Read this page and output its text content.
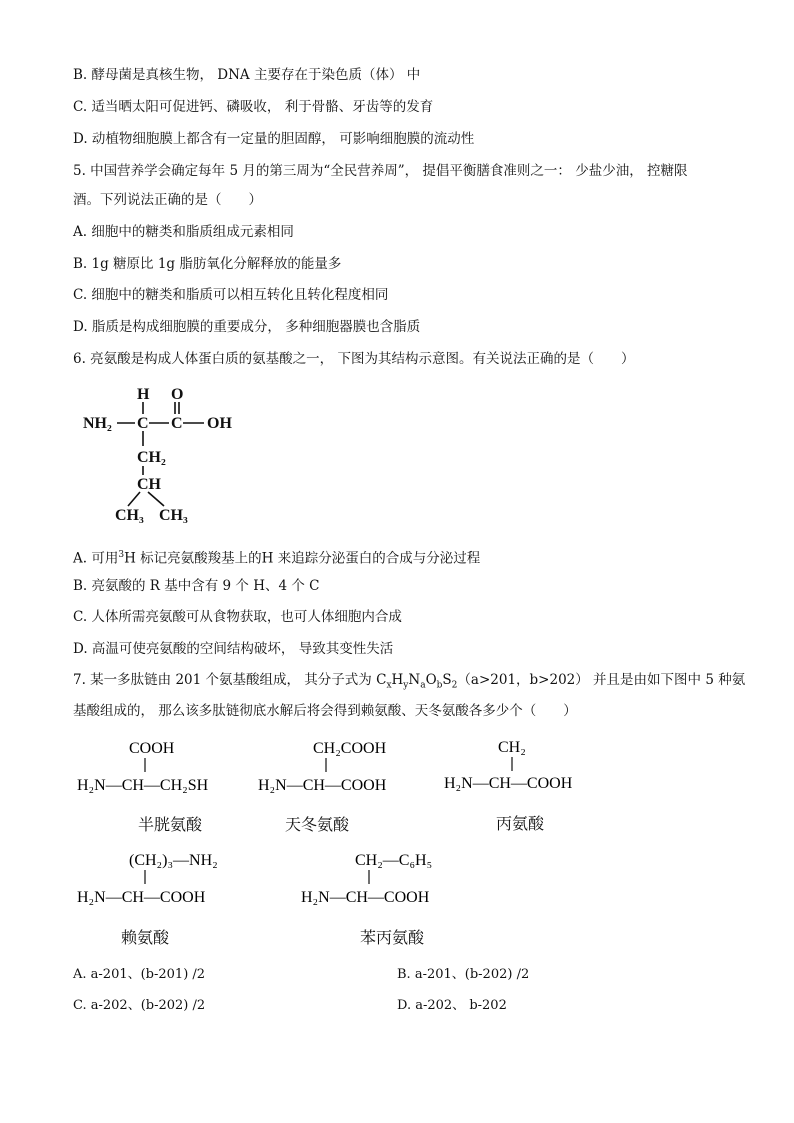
B. 酵母菌是真核生物， DNA 主要存在于染色质（体） 中
C. 适当晒太阳可促进钙、磷吸收， 利于骨骼、牙齿等的发育
D. 动植物细胞膜上都含有一定量的胆固醇， 可影响细胞膜的流动性
5. 中国营养学会确定每年 5 月的第三周为“全民营养周”， 提倡平衡膳食准则之一： 少盐少油， 控糖限
酒。下列说法正确的是（　　）
A. 细胞中的糖类和脂质组成元素相同
B. 1g 糖原比 1g 脂肪氧化分解释放的能量多
C. 细胞中的糖类和脂质可以相互转化且转化程度相同
D. 脂质是构成细胞膜的重要成分， 多种细胞器膜也含脂质
6. 亮氨酸是构成人体蛋白质的氨基酸之一， 下图为其结构示意图。有关说法正确的是（　　）
H O
NH₂ C C OH
CH₂
CH
CH₃ CH₃
A. 可用$^3$H 标记亮氨酸羧基上的H 来追踪分泌蛋白的合成与分泌过程
B. 亮氨酸的 R 基中含有 9 个 H、4 个 C
C. 人体所需亮氨酸可从食物获取，也可人体细胞内合成
D. 高温可使亮氨酸的空间结构破坏， 导致其变性失活
7. 某一多肽链由 201 个氨基酸组成， 其分子式为 $C_xH_yN_aO_bS_2(a>201$，b>202） 并且是由如下图中 5 种氨
基酸组成的， 那么该多肽链彻底水解后将会得到赖氨酸、天冬氨酸各多少个（　　）
COOH
H₂N—CH—CH₂SH
半胱氨酸
CH₂COOH
H₂N—CH—COOH
天冬氨酸
CH₂
H₂N—CH—COOH
丙氨酸
(CH₂)₃—NH₂
H₂N—CH—COOH
赖氨酸
CH₂—C₆H₅
H₂N—CH—COOH
苯丙氨酸
A. a-201、(b-201) /2	B. a-201、(b-202) /2
C. a-202、(b-202) /2	D. a-202、 b-202
